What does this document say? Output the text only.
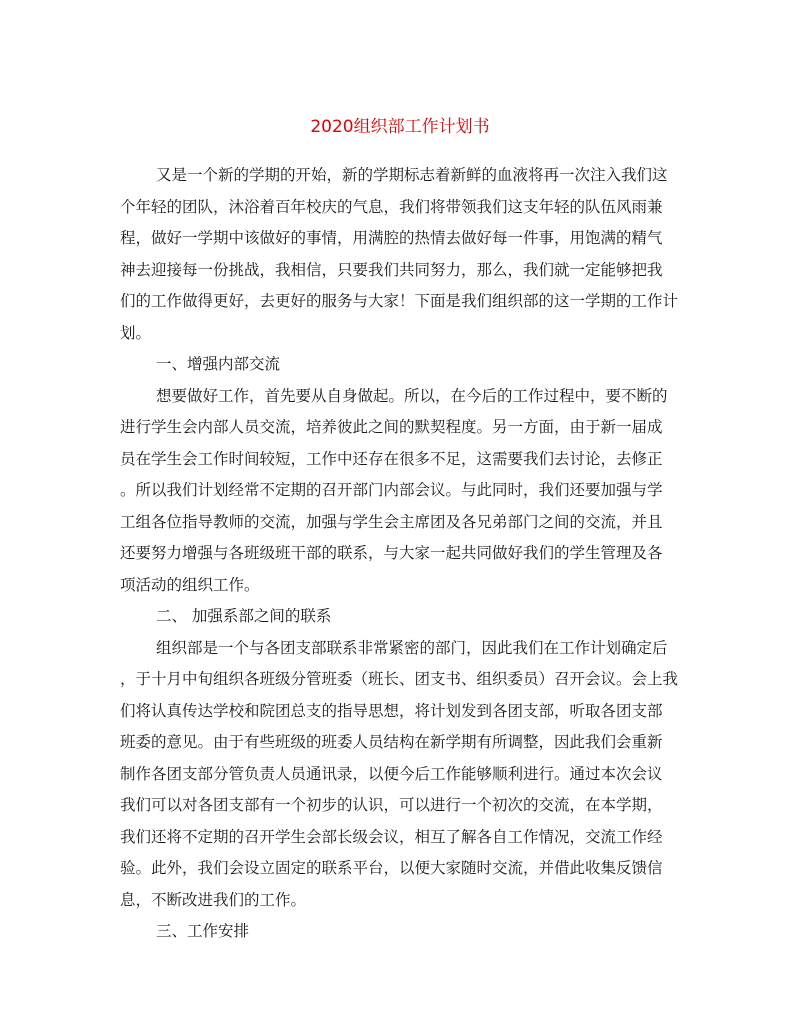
2020组织部工作计划书
又是一个新的学期的开始，新的学期标志着新鲜的血液将再一次注入我们这
个年轻的团队，沐浴着百年校庆的气息，我们将带领我们这支年轻的队伍风雨兼
程，做好一学期中该做好的事情，用满腔的热情去做好每一件事，用饱满的精气
神去迎接每一份挑战，我相信，只要我们共同努力，那么，我们就一定能够把我
们的工作做得更好，去更好的服务与大家！下面是我们组织部的这一学期的工作计
划。
一、增强内部交流
想要做好工作，首先要从自身做起。所以，在今后的工作过程中，要不断的
进行学生会内部人员交流，培养彼此之间的默契程度。另一方面，由于新一届成
员在学生会工作时间较短，工作中还存在很多不足，这需要我们去讨论，去修正
。所以我们计划经常不定期的召开部门内部会议。与此同时，我们还要加强与学
工组各位指导教师的交流，加强与学生会主席团及各兄弟部门之间的交流，并且
还要努力增强与各班级班干部的联系，与大家一起共同做好我们的学生管理及各
项活动的组织工作。
二、 加强系部之间的联系
组织部是一个与各团支部联系非常紧密的部门，因此我们在工作计划确定后
，于十月中旬组织各班级分管班委（班长、团支书、组织委员）召开会议。会上我
们将认真传达学校和院团总支的指导思想，将计划发到各团支部，听取各团支部
班委的意见。由于有些班级的班委人员结构在新学期有所调整，因此我们会重新
制作各团支部分管负责人员通讯录，以便今后工作能够顺利进行。通过本次会议
我们可以对各团支部有一个初步的认识，可以进行一个初次的交流，在本学期，
我们还将不定期的召开学生会部长级会议，相互了解各自工作情况，交流工作经
验。此外，我们会设立固定的联系平台，以便大家随时交流，并借此收集反馈信
息，不断改进我们的工作。
三、工作安排
